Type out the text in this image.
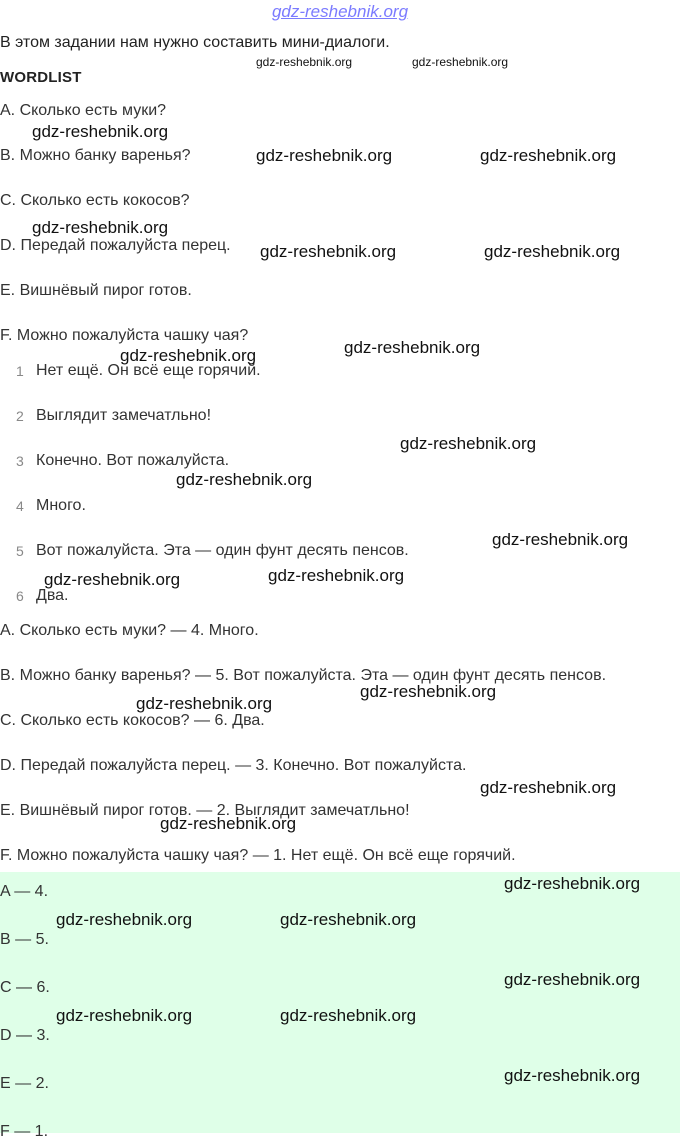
gdz-reshebnik.org
В этом задании нам нужно составить мини-диалоги.
WORDLIST
A. Сколько есть муки?
B. Можно банку варенья?
C. Сколько есть кокосов?
D. Передай пожалуйста перец.
E. Вишнёвый пирог готов.
F. Можно пожалуйста чашку чая?
1 Нет ещё. Он всё еще горячий.
2 Выглядит замечатльно!
3 Конечно. Вот пожалуйста.
4 Много.
5 Вот пожалуйста. Эта — один фунт десять пенсов.
6 Два.
A. Сколько есть муки? — 4. Много.
B. Можно банку варенья? — 5. Вот пожалуйста. Эта — один фунт десять пенсов.
C. Сколько есть кокосов? — 6. Два.
D. Передай пожалуйста перец. — 3. Конечно. Вот пожалуйста.
E. Вишнёвый пирог готов. — 2. Выглядит замечатльно!
F. Можно пожалуйста чашку чая? — 1. Нет ещё. Он всё еще горячий.
A — 4.
B — 5.
C — 6.
D — 3.
E — 2.
F — 1.
gdz-reshebnik.org	gdz-reshebnik.org
gdz-reshebnik.org
gdz-reshebnik.org	gdz-reshebnik.org
gdz-reshebnik.org
gdz-reshebnik.org	gdz-reshebnik.org
gdz-reshebnik.org
gdz-reshebnik.org
gdz-reshebnik.org
gdz-reshebnik.org
gdz-reshebnik.org
gdz-reshebnik.org
gdz-reshebnik.org
gdz-reshebnik.org
gdz-reshebnik.org
gdz-reshebnik.org
gdz-reshebnik.org
gdz-reshebnik.org
gdz-reshebnik.org	gdz-reshebnik.org
gdz-reshebnik.org
gdz-reshebnik.org	gdz-reshebnik.org
gdz-reshebnik.org
